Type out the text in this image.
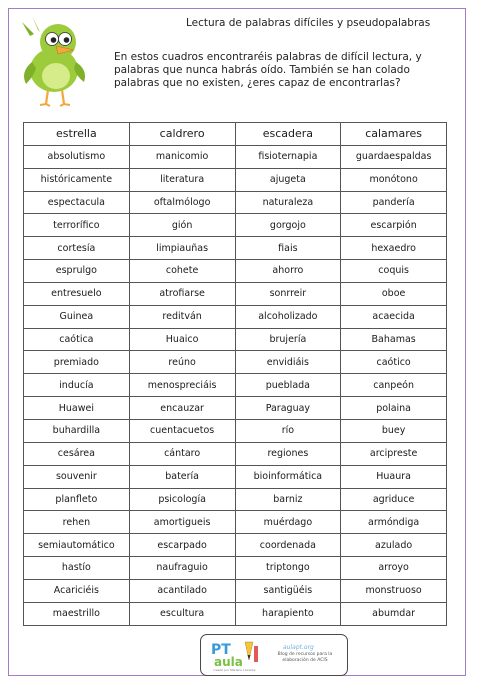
Lectura de palabras difíciles y pseudopalabras
En estos cuadros encontraréis palabras de difícil lectura, y palabras que nunca habrás oído. También se han colado palabras que no existen, ¿eres capaz de encontrarlas?
estrella	caldrero	escadera	calamares
absolutismo	manicomio	fisioternapia	guardaespaldas
históricamente	literatura	ajugeta	monótono
espectacula	oftalmólogo	naturaleza	pandería
terrorífico	gión	gorgojo	escarpión
cortesía	limpiauñas	fiais	hexaedro
esprulgo	cohete	ahorro	coquis
entresuelo	atrofiarse	sonrreir	oboe
Guinea	reditván	alcoholizado	acaecida
caótica	Huaico	brujería	Bahamas
premiado	reúno	envidiáis	caótico
inducía	menospreciáis	pueblada	canpeón
Huawei	encauzar	Paraguay	polaina
buhardilla	cuentacuetos	río	buey
cesárea	cántaro	regiones	arcipreste
souvenir	batería	bioinformática	Huaura
planfleto	psicología	barniz	agriduce
rehen	amortigueis	muérdago	armóndiga
semiautomático	escarpado	coordenada	azulado
hastío	naufraguio	triptongo	arroyo
Acariciéis	acantilado	santigüéis	monstruoso
maestrillo	escultura	harapiento	abumdar
PT
aula
creado por Mariano Llorente
aulapt.org
Blog de recursos para la elaboración de ACIS
